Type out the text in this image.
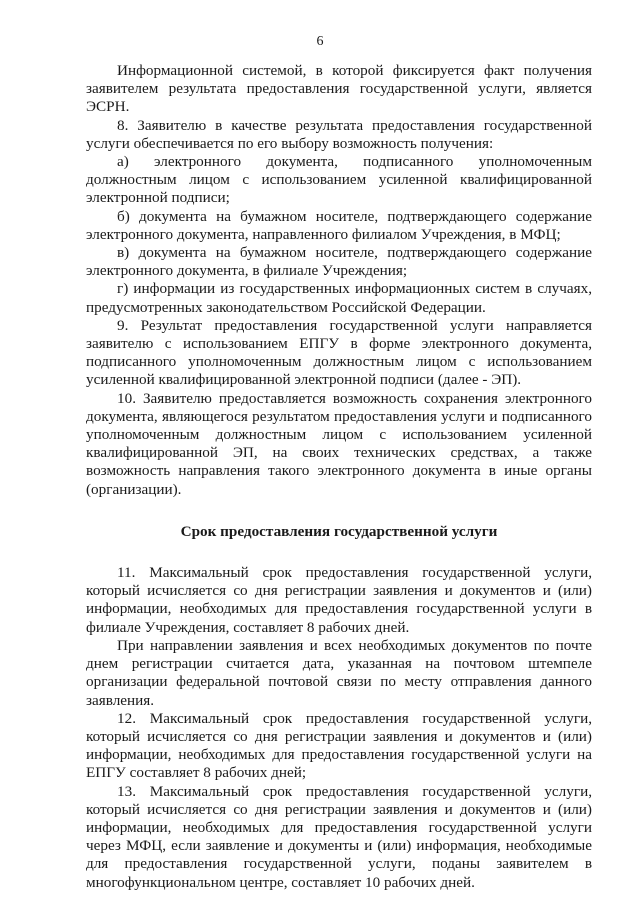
6

Информационной системой, в которой фиксируется факт получения заявителем результата предоставления государственной услуги, является ЭСРН.

8. Заявителю в качестве результата предоставления государственной услуги обеспечивается по его выбору возможность получения:

а) электронного документа, подписанного уполномоченным должностным лицом с использованием усиленной квалифицированной электронной подписи;

б) документа на бумажном носителе, подтверждающего содержание электронного документа, направленного филиалом Учреждения, в МФЦ;

в) документа на бумажном носителе, подтверждающего содержание электронного документа, в филиале Учреждения;

г) информации из государственных информационных систем в случаях, предусмотренных законодательством Российской Федерации.

9. Результат предоставления государственной услуги направляется заявителю с использованием ЕПГУ в форме электронного документа, подписанного уполномоченным должностным лицом с использованием усиленной квалифицированной электронной подписи (далее - ЭП).

10. Заявителю предоставляется возможность сохранения электронного документа, являющегося результатом предоставления услуги и подписанного уполномоченным должностным лицом с использованием усиленной квалифицированной ЭП, на своих технических средствах, а также возможность направления такого электронного документа в иные органы (организации).

Срок предоставления государственной услуги

11. Максимальный срок предоставления государственной услуги, который исчисляется со дня регистрации заявления и документов и (или) информации, необходимых для предоставления государственной услуги в филиале Учреждения, составляет 8 рабочих дней.

При направлении заявления и всех необходимых документов по почте днем регистрации считается дата, указанная на почтовом штемпеле организации федеральной почтовой связи по месту отправления данного заявления.

12. Максимальный срок предоставления государственной услуги, который исчисляется со дня регистрации заявления и документов и (или) информации, необходимых для предоставления государственной услуги на ЕПГУ составляет 8 рабочих дней;

13. Максимальный срок предоставления государственной услуги, который исчисляется со дня регистрации заявления и документов и (или) информации, необходимых для предоставления государственной услуги через МФЦ, если заявление и документы и (или) информация, необходимые для предоставления государственной услуги, поданы заявителем в многофункциональном центре, составляет 10 рабочих дней.
